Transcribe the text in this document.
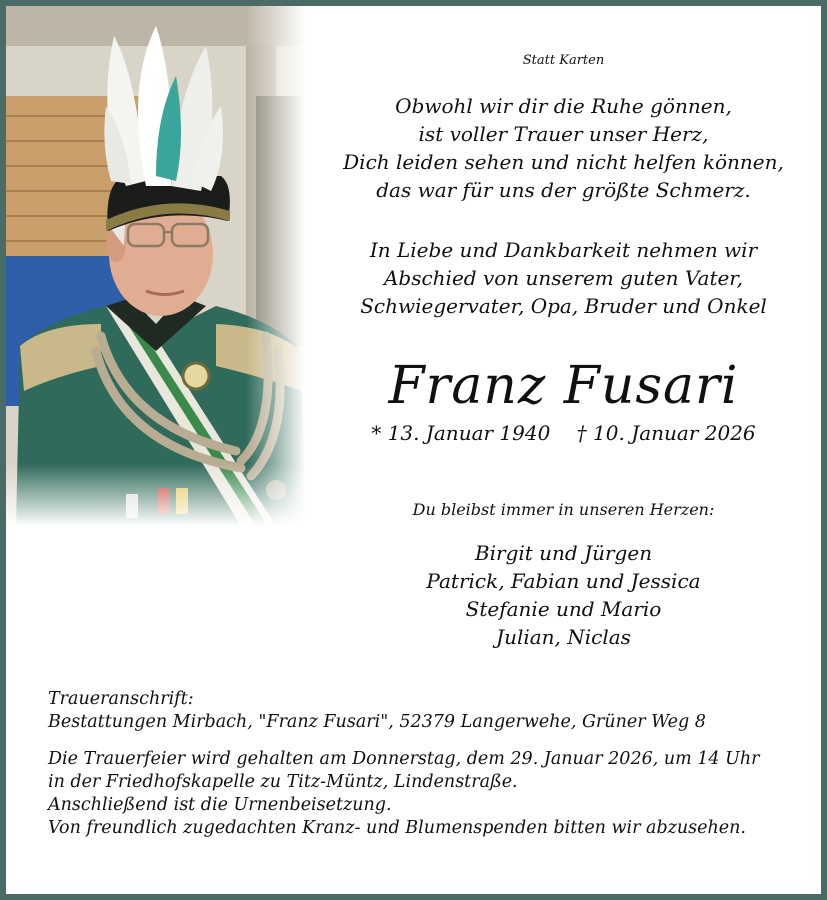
Statt Karten
Obwohl wir dir die Ruhe gönnen,
ist voller Trauer unser Herz,
Dich leiden sehen und nicht helfen können,
das war für uns der größte Schmerz.
In Liebe und Dankbarkeit nehmen wir
Abschied von unserem guten Vater,
Schwiegervater, Opa, Bruder und Onkel
Franz Fusari
* 13. Januar 1940 † 10. Januar 2026
Du bleibst immer in unseren Herzen:
Birgit und Jürgen
Patrick, Fabian und Jessica
Stefanie und Mario
Julian, Niclas
Traueranschrift:
Bestattungen Mirbach, "Franz Fusari", 52379 Langerwehe, Grüner Weg 8
Die Trauerfeier wird gehalten am Donnerstag, dem 29. Januar 2026, um 14 Uhr
in der Friedhofskapelle zu Titz-Müntz, Lindenstraße.
Anschließend ist die Urnenbeisetzung.
Von freundlich zugedachten Kranz- und Blumenspenden bitten wir abzusehen.
